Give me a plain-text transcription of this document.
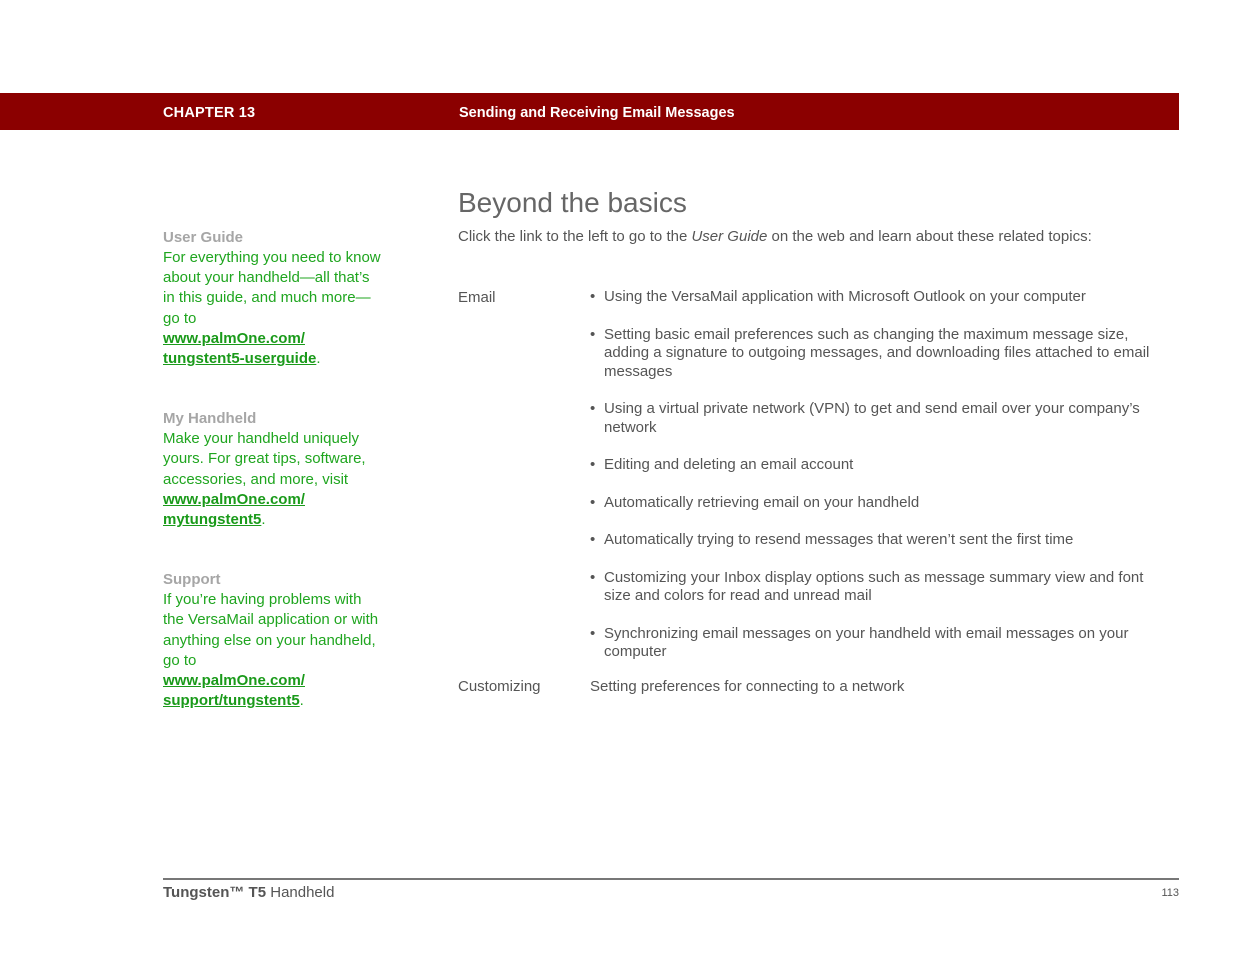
CHAPTER 13	Sending and Receiving Email Messages

User Guide

For everything you need to know about your handheld—all that’s in this guide, and much more—go to
www.palmOne.com/
tungstent5-userguide.

My Handheld

Make your handheld uniquely yours. For great tips, software, accessories, and more, visit
www.palmOne.com/
mytungstent5.

Support

If you’re having problems with the VersaMail application or with anything else on your handheld, go to
www.palmOne.com/
support/tungstent5.

Beyond the basics

Click the link to the left to go to the User Guide on the web and learn about these related topics:

Email	• Using the VersaMail application with Microsoft Outlook on your computer
• Setting basic email preferences such as changing the maximum message size, adding a signature to outgoing messages, and downloading files attached to email messages
• Using a virtual private network (VPN) to get and send email over your company’s network
• Editing and deleting an email account
• Automatically retrieving email on your handheld
• Automatically trying to resend messages that weren’t sent the first time
• Customizing your Inbox display options such as message summary view and font size and colors for read and unread mail
• Synchronizing email messages on your handheld with email messages on your computer
Customizing	Setting preferences for connecting to a network
Tungsten™ T5 Handheld	113
